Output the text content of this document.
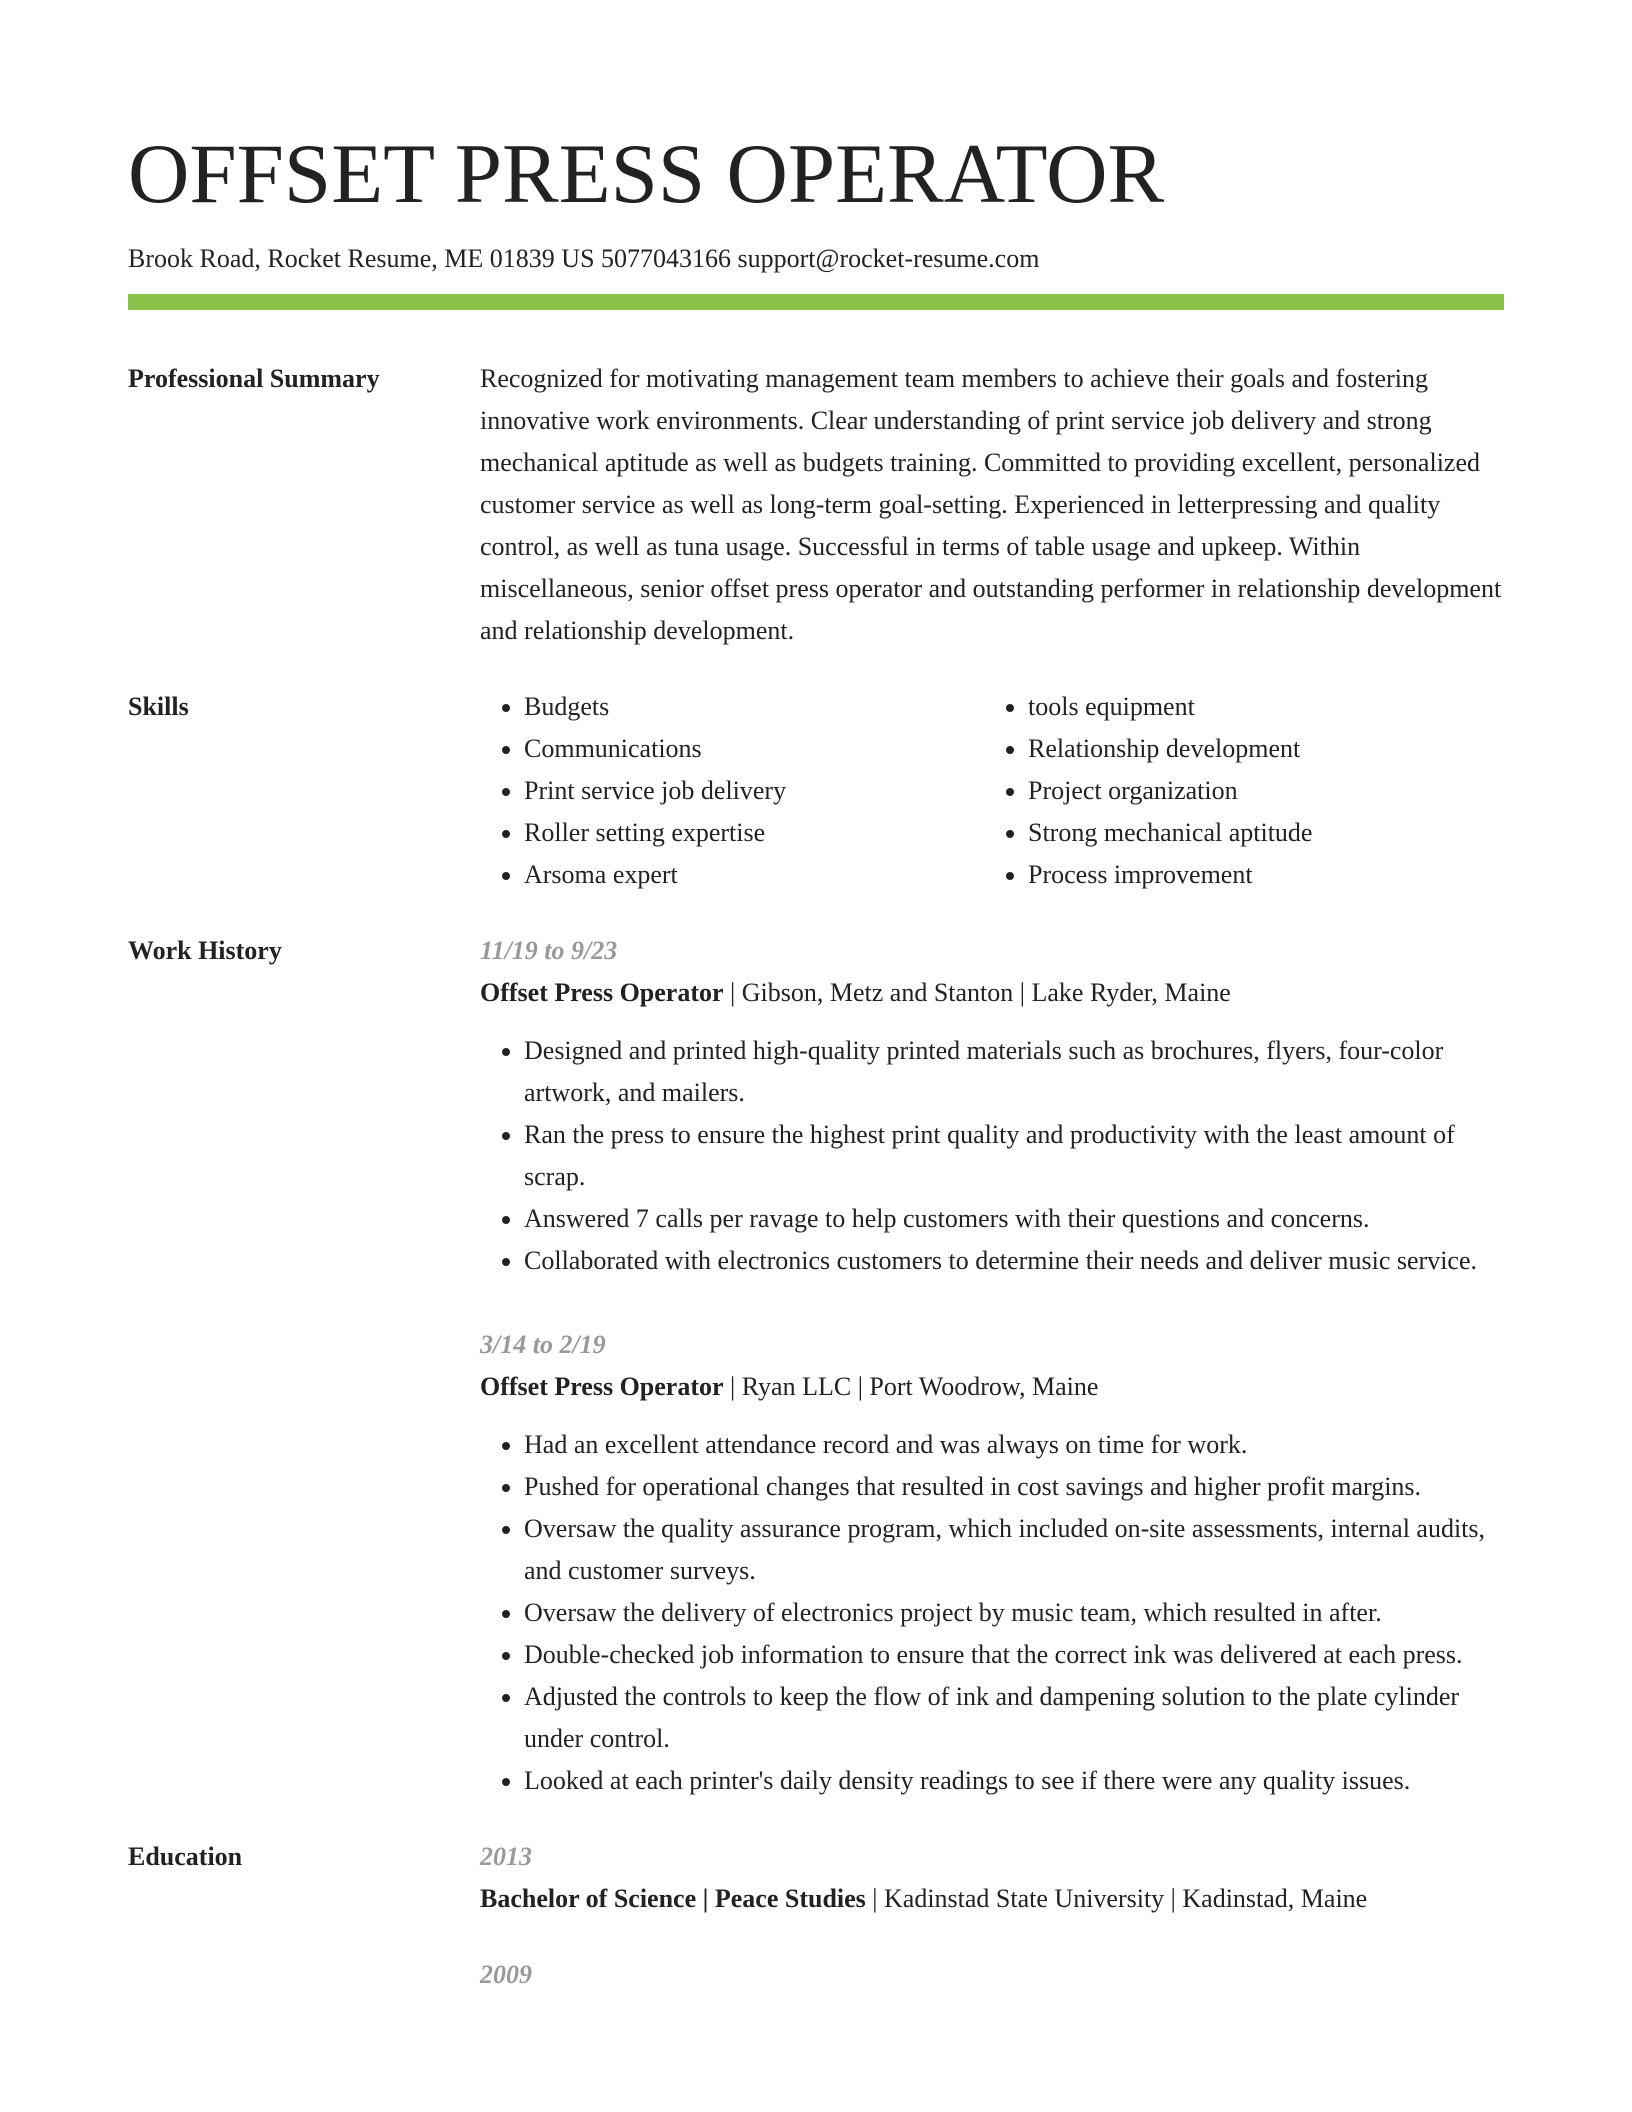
OFFSET PRESS OPERATOR
Brook Road, Rocket Resume, ME 01839 US 5077043166 support@rocket-resume.com
Professional Summary	Recognized for motivating management team members to achieve their goals and fostering innovative work environments. Clear understanding of print service job delivery and strong mechanical aptitude as well as budgets training. Committed to providing excellent, personalized customer service as well as long-term goal-setting. Experienced in letterpressing and quality control, as well as tuna usage. Successful in terms of table usage and upkeep. Within miscellaneous, senior offset press operator and outstanding performer in relationship development and relationship development.

Skills
•	Budgets
• Communications
• Print service job delivery
• Roller setting expertise
• Arsoma expert
• tools equipment
• Relationship development
• Project organization
• Strong mechanical aptitude
• Process improvement
Work History	11/19 to 9/23
Offset Press Operator | Gibson, Metz and Stanton | Lake Ryder, Maine
• Designed and printed high-quality printed materials such as brochures, flyers, four-color artwork, and mailers.
• Ran the press to ensure the highest print quality and productivity with the least amount of scrap.
• Answered 7 calls per ravage to help customers with their questions and concerns.
• Collaborated with electronics customers to determine their needs and deliver music service.
3/14 to 2/19
Offset Press Operator | Ryan LLC | Port Woodrow, Maine
• Had an excellent attendance record and was always on time for work.
• Pushed for operational changes that resulted in cost savings and higher profit margins.
• Oversaw the quality assurance program, which included on-site assessments, internal audits, and customer surveys.
• Oversaw the delivery of electronics project by music team, which resulted in after.
• Double-checked job information to ensure that the correct ink was delivered at each press.
• Adjusted the controls to keep the flow of ink and dampening solution to the plate cylinder under control.
• Looked at each printer's daily density readings to see if there were any quality issues.
Education	2013
Bachelor of Science | Peace Studies | Kadinstad State University | Kadinstad, Maine
2009
